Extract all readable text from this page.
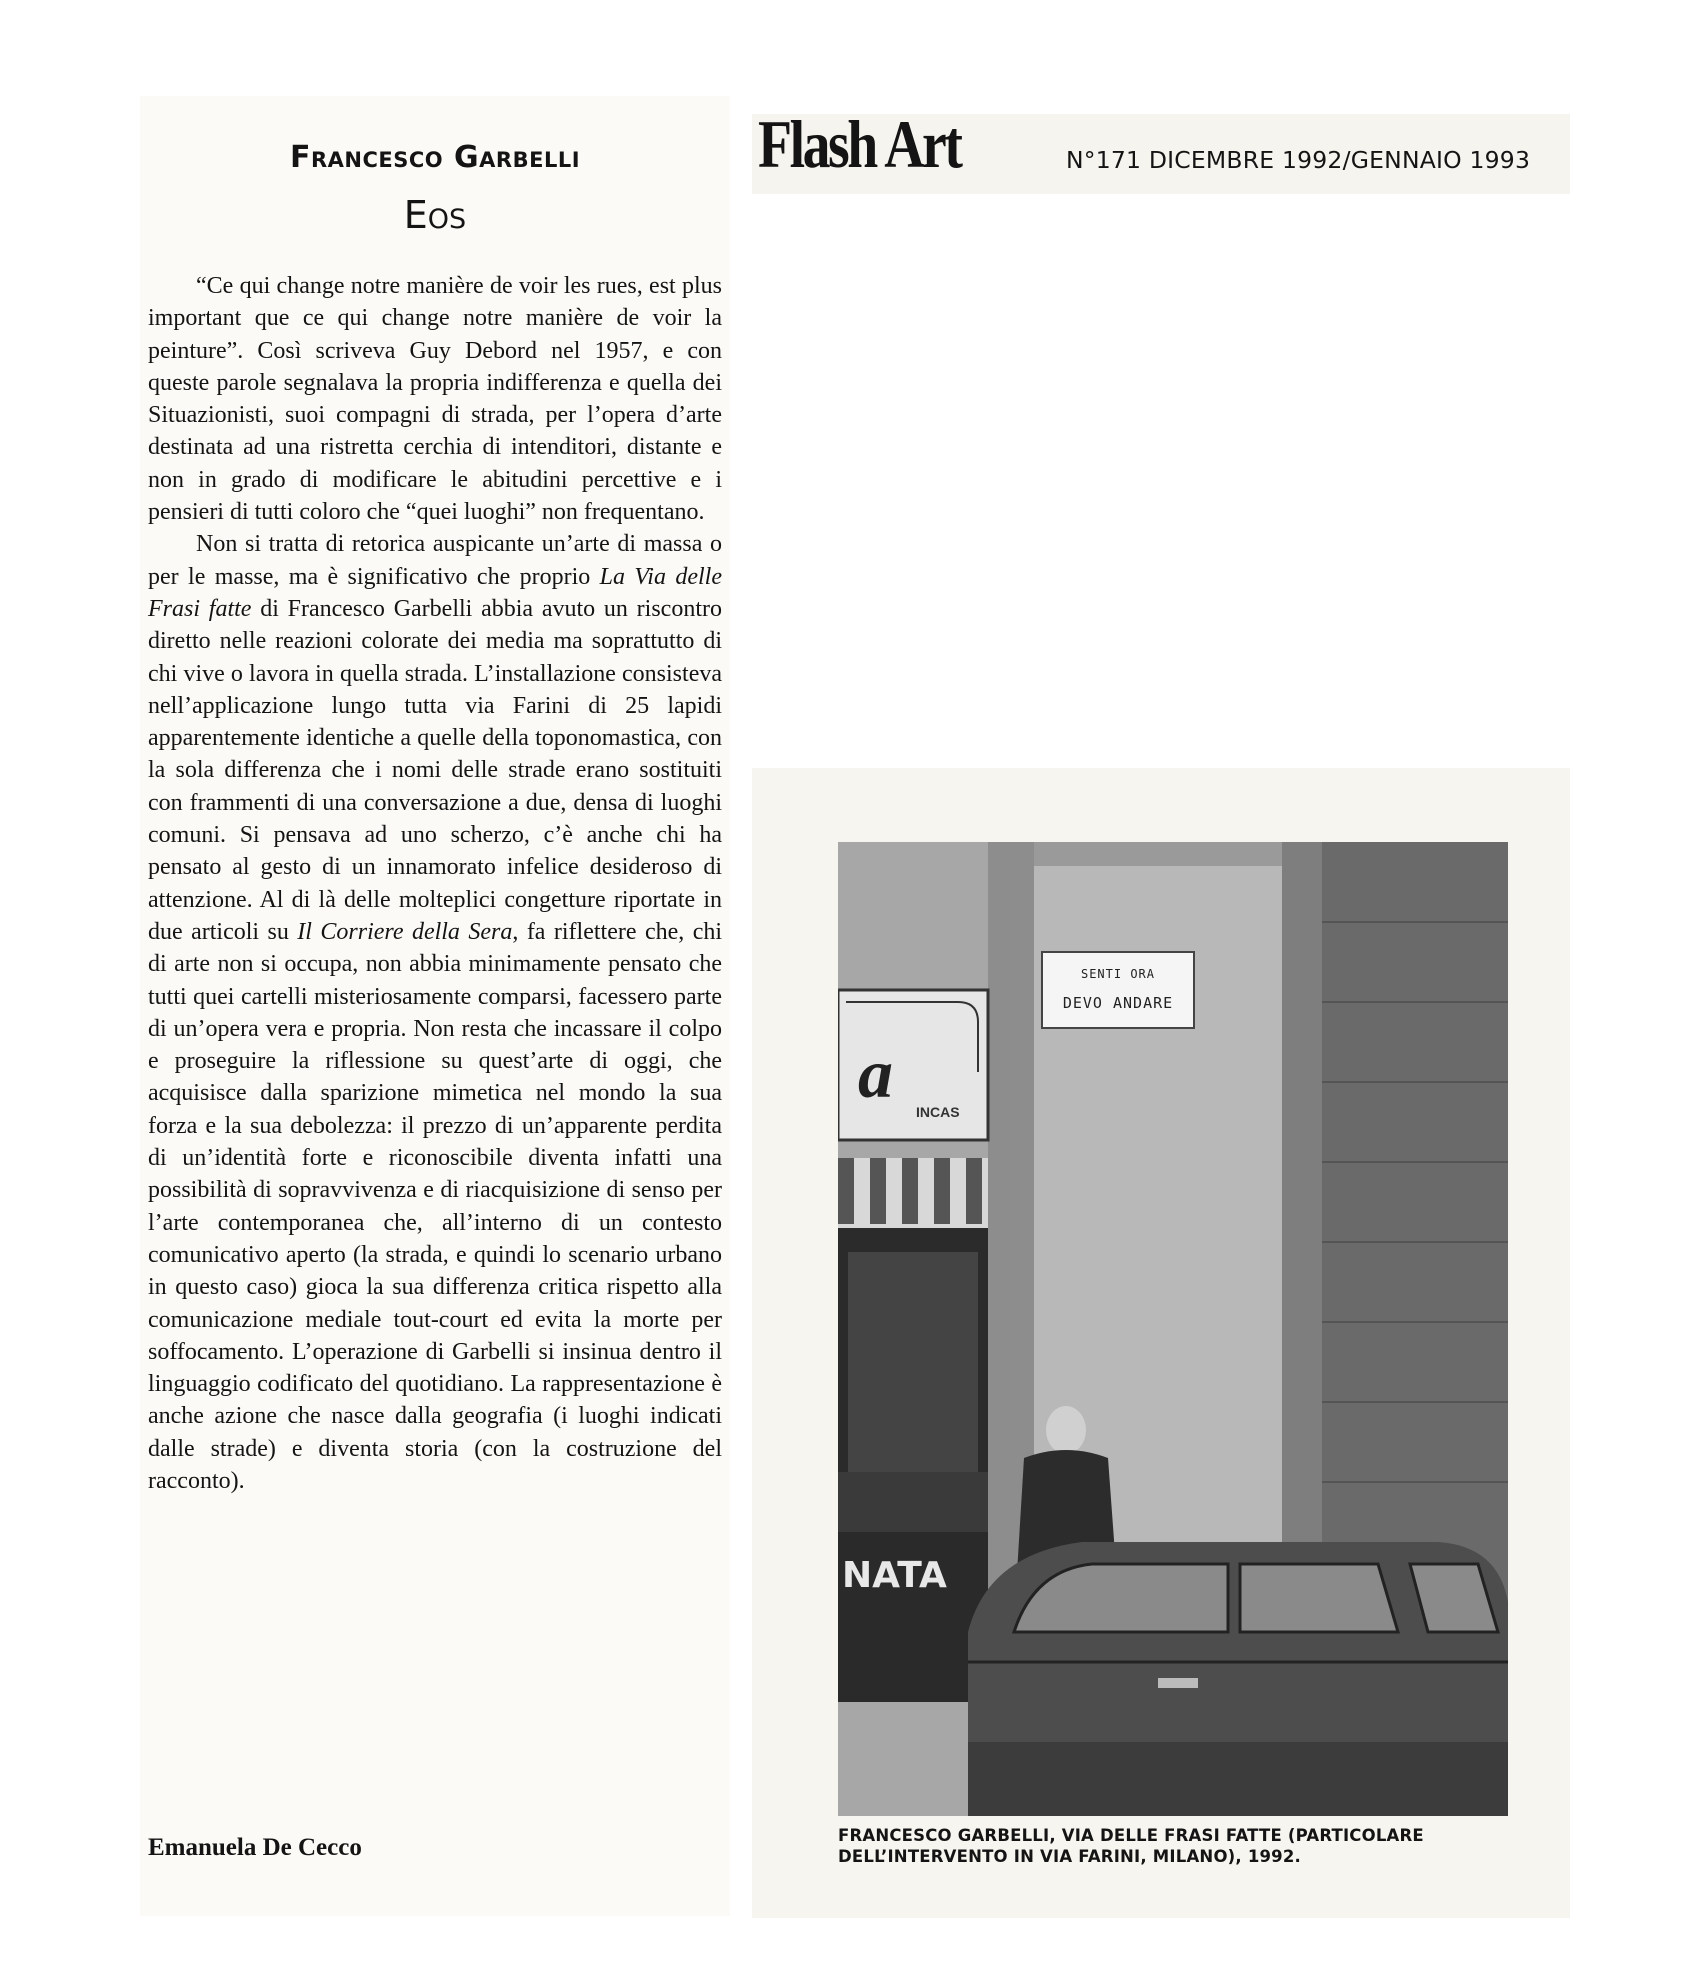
Francesco Garbelli
Eos

“Ce qui change notre manière de voir les rues, est plus important que ce qui change notre manière de voir la peinture”. Così scriveva Guy Debord nel 1957, e con queste parole segnalava la propria indifferenza e quella dei Situazionisti, suoi compagni di strada, per l’opera d’arte destinata ad una ristretta cerchia di intenditori, distante e non in grado di modificare le abitudini percettive e i pensieri di tutti coloro che “quei luoghi” non frequentano.

Non si tratta di retorica auspicante un’arte di massa o per le masse, ma è significativo che proprio La Via delle Frasi fatte di Francesco Garbelli abbia avuto un riscontro diretto nelle reazioni colorate dei media ma soprattutto di chi vive o lavora in quella strada. L’installazione consisteva nell’applicazione lungo tutta via Farini di 25 lapidi apparentemente identiche a quelle della toponomastica, con la sola differenza che i nomi delle strade erano sostituiti con frammenti di una conversazione a due, densa di luoghi comuni. Si pensava ad uno scherzo, c’è anche chi ha pensato al gesto di un innamorato infelice desideroso di attenzione. Al di là delle molteplici congetture riportate in due articoli su Il Corriere della Sera, fa riflettere che, chi di arte non si occupa, non abbia minimamente pensato che tutti quei cartelli misteriosamente comparsi, facessero parte di un’opera vera e propria. Non resta che incassare il colpo e proseguire la riflessione su quest’arte di oggi, che acquisisce dalla sparizione mimetica nel mondo la sua forza e la sua debolezza: il prezzo di un’apparente perdita di un’identità forte e riconoscibile diventa infatti una possibilità di sopravvivenza e di riacquisizione di senso per l’arte contemporanea che, all’interno di un contesto comunicativo aperto (la strada, e quindi lo scenario urbano in questo caso) gioca la sua differenza critica rispetto alla comunicazione mediale tout-court ed evita la morte per soffocamento. L’operazione di Garbelli si insinua dentro il linguaggio codificato del quotidiano. La rappresentazione è anche azione che nasce dalla geografia (i luoghi indicati dalle strade) e diventa storia (con la costruzione del racconto).

Emanuela De Cecco
Flash Art	N°171 DICEMBRE 1992/GENNAIO 1993
a INCAS
NATA
SENTI ORA
DEVO ANDARE
FRANCESCO GARBELLI, VIA DELLE FRASI FATTE (PARTICOLARE DELL’INTERVENTO IN VIA FARINI, MILANO), 1992.
